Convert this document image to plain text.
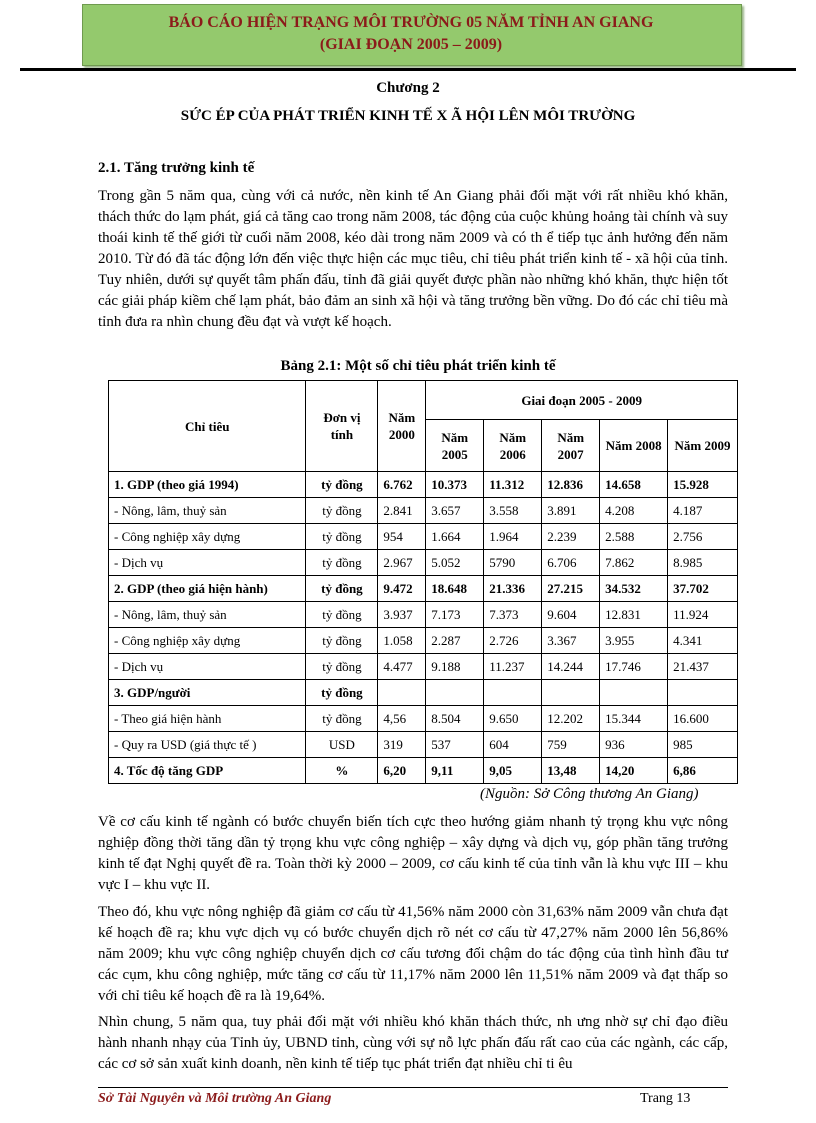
BÁO CÁO HIỆN TRẠNG MÔI TRƯỜNG 05 NĂM TỈNH AN GIANG
(GIAI ĐOẠN 2005 – 2009)
Chương 2
SỨC ÉP CỦA PHÁT TRIỂN KINH TẾ X Ã HỘI LÊN MÔI TRƯỜNG
2.1. Tăng trưởng kinh tế

Trong gần 5 năm qua, cùng với cả nước, nền kinh tế An Giang phải đối mặt với rất nhiều khó khăn, thách thức do lạm phát, giá cả tăng cao trong năm 2008, tác động của cuộc khủng hoảng tài chính và suy thoái kinh tế thế giới từ cuối năm 2008, kéo dài trong năm 2009 và có th ể tiếp tục ảnh hưởng đến năm 2010. Từ đó đã tác động lớn đến việc thực hiện các mục tiêu, chỉ tiêu phát triển kinh tế - xã hội của tỉnh. Tuy nhiên, dưới sự quyết tâm phấn đấu, tỉnh đã giải quyết được phần nào những khó khăn, thực hiện tốt các giải pháp kiềm chế lạm phát, bảo đảm an sinh xã hội và tăng trưởng bền vững. Do đó các chỉ tiêu mà tỉnh đưa ra nhìn chung đều đạt và vượt kế hoạch.

Bảng 2.1: Một số chỉ tiêu phát triển kinh tế
Chỉ tiêu	Đơn vị tính	Năm 2000	Giai đoạn 2005 - 2009				
			Năm 2005	Năm 2006	Năm 2007	Năm 2008	Năm 2009
1. GDP (theo giá 1994)	tỷ đồng	6.762	10.373	11.312	12.836	14.658	15.928
- Nông, lâm, thuỷ sản	tỷ đồng	2.841	3.657	3.558	3.891	4.208	4.187
- Công nghiệp xây dựng	tỷ đồng	954	1.664	1.964	2.239	2.588	2.756
- Dịch vụ	tỷ đồng	2.967	5.052	5790	6.706	7.862	8.985
2. GDP (theo giá hiện hành)	tỷ đồng	9.472	18.648	21.336	27.215	34.532	37.702
- Nông, lâm, thuỷ sản	tỷ đồng	3.937	7.173	7.373	9.604	12.831	11.924
- Công nghiệp xây dựng	tỷ đồng	1.058	2.287	2.726	3.367	3.955	4.341
- Dịch vụ	tỷ đồng	4.477	9.188	11.237	14.244	17.746	21.437
3. GDP/người	tỷ đồng						
- Theo giá hiện hành	tỷ đồng	4,56	8.504	9.650	12.202	15.344	16.600
- Quy ra USD (giá thực tế )	USD	319	537	604	759	936	985
4. Tốc độ tăng GDP	%	6,20	9,11	9,05	13,48	14,20	6,86
(Nguồn: Sở Công thương An Giang)

Về cơ cấu kinh tế ngành có bước chuyển biến tích cực theo hướng giảm nhanh tỷ trọng khu vực nông nghiệp đồng thời tăng dần tỷ trọng khu vực công nghiệp – xây dựng và dịch vụ, góp phần tăng trưởng kinh tế đạt Nghị quyết đề ra. Toàn thời kỳ 2000 – 2009, cơ cấu kinh tế của tỉnh vẫn là khu vực III – khu vực I – khu vực II.

Theo đó, khu vực nông nghiệp đã giảm cơ cấu từ 41,56% năm 2000 còn 31,63% năm 2009 vẫn chưa đạt kế hoạch đề ra; khu vực dịch vụ có bước chuyển dịch rõ nét cơ cấu từ 47,27% năm 2000 lên 56,86% năm 2009; khu vực công nghiệp chuyển dịch cơ cấu tương đối chậm do tác động của tình hình đầu tư các cụm, khu công nghiệp, mức tăng cơ cấu từ 11,17% năm 2000 lên 11,51% năm 2009 và đạt thấp so với chỉ tiêu kế hoạch đề ra là 19,64%.

Nhìn chung, 5 năm qua, tuy phải đối mặt với nhiều khó khăn thách thức, nh ưng nhờ sự chỉ đạo điều hành nhanh nhạy của Tỉnh ủy, UBND tỉnh, cùng với sự nỗ lực phấn đấu rất cao của các ngành, các cấp, các cơ sở sản xuất kinh doanh, nền kinh tế tiếp tục phát triển đạt nhiều chỉ ti êu

Sở Tài Nguyên và Môi trường An Giang	Trang 13
